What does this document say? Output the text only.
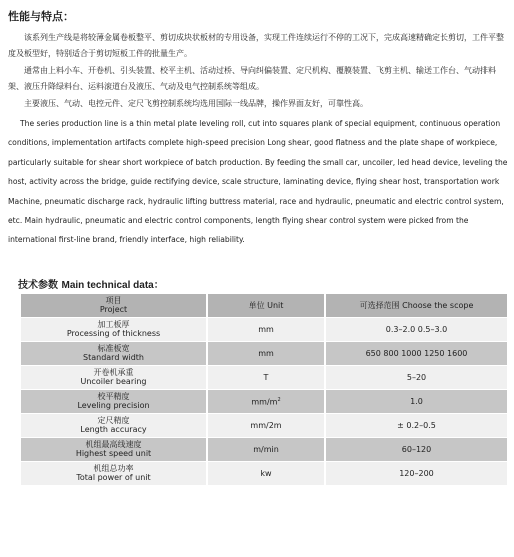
性能与特点：

该系列生产线是将较薄金属卷板整平、剪切成块状板材的专用设备，实现工件连续运行不停的工况下，完成高速精确定长剪切，工件平整度及板型好，特别适合于剪切短板工件的批量生产。

通常由上料小车、开卷机、引头装置、校平主机、活动过桥、导向纠偏装置、定尺机构、覆膜装置、飞剪主机、输送工作台、气动排料架、液压升降绿料台、运料滚道台及液压、气动及电气控制系统等组成。

主要液压、气动、电控元件、定尺飞剪控制系统均选用国际一线品牌，操作界面友好，可靠性高。

The series production line is a thin metal plate leveling roll, cut into squares plank of special equipment, continuous operation conditions, implementation artifacts complete high-speed precision Long shear, good flatness and the plate shape of workpiece, particularly suitable for shear short workpiece of batch production. By feeding the small car, uncoiler, led head device, leveling the host, activity across the bridge, guide rectifying device, scale structure, laminating device, flying shear host, transportation work Machine, pneumatic discharge rack, hydraulic lifting buttress material, race and hydraulic, pneumatic and electric control system, etc. Main hydraulic, pneumatic and electric control components, length flying shear control system were picked from the international first-line brand, friendly interface, high reliability.

技术参数 Main technical data：
项目
Project	单位 Unit	可选择范围 Choose the scope

加工板厚
Processing of thickness	mm	0.3–2.0 0.5–3.0

标准板宽
Standard width	mm	650 800 1000 1250 1600

开卷机承重
Uncoiler bearing	T	5–20

校平精度
Leveling precision	$mm/m^2$	1.0

定尺精度
Length accuracy	mm/2m	± 0.2–0.5

机组最高线速度
Highest speed unit	m/min	60–120

机组总功率
Total power of unit	kw	120–200
